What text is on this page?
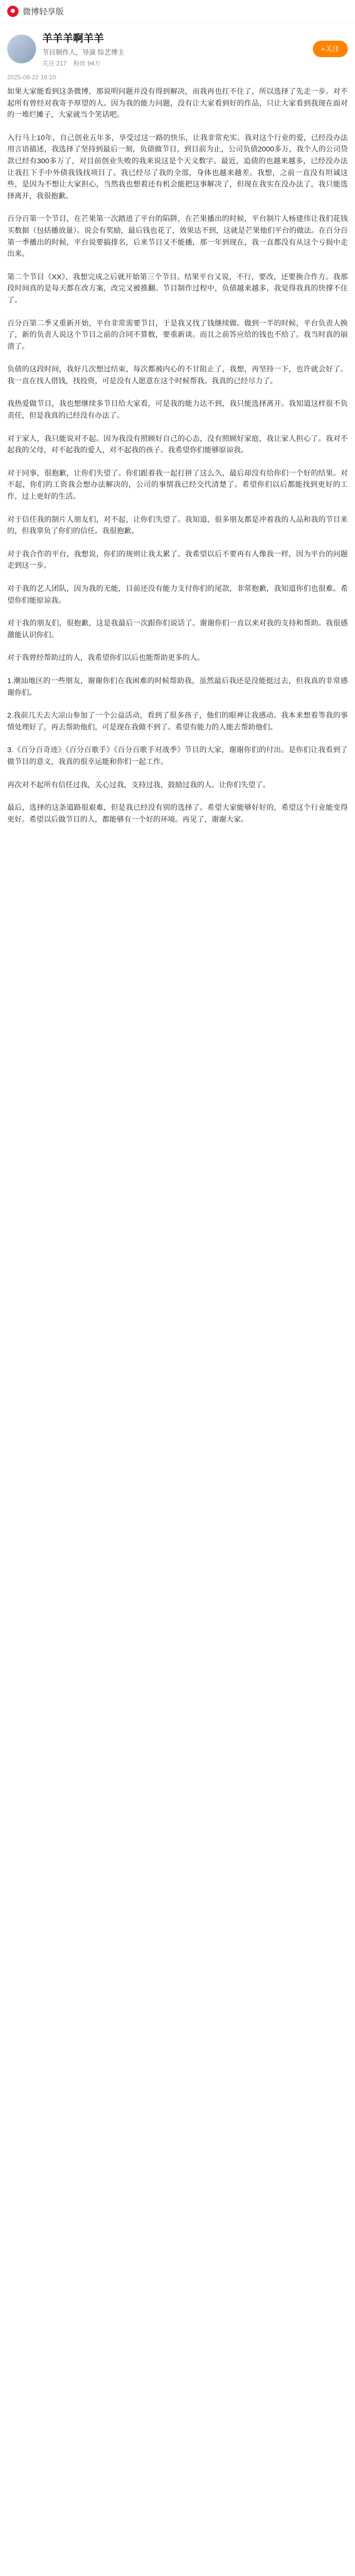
微博轻享版
羊羊羊啊羊羊
节目制作人，导演 综艺博主
关注 217 粉丝 94万
+关注
2025-08-22 16:10

如果大家能看到这条微博，那说明问题并没有得到解决，而我再也扛不住了，所以选择了先走一步。对不起所有曾经对我寄予厚望的人。因为我的能力问题，没有让大家看到好的作品，只让大家看到我现在面对的一堆烂摊子，大家就当个笑话吧。

入行马上10年，自己创业五年多，享受过这一路的快乐，让我非常充实。我对这个行业的爱，已经没办法用言语描述，我选择了坚持到最后一刻，负债做节目，到目前为止，公司负债2000多万，我个人的公司贷款已经有300多万了，对目前创业失败的我来说这是个天文数字。最近，追债的也越来越多，已经没办法让我扛下手中外债我钱找项目了。我已经尽了我的全部，身体也越来越差。我想，之前一直没有坦诚这些，是因为不想让大家担心，当然我也想着还有机会能把这事解决了，但现在我实在没办法了，我只能选择离开，我很抱歉。

百分百第一个节目，在芒果第一次踏进了平台的陷阱，在芒果播出的时候，平台制片人杨建伟让我们花钱买数据（包括播放量）。说会有奖励，最后钱也花了，效果达不到，这就是芒果他们平台的做法。在百分百第一季播出的时候，平台说要搞排名，后来节目又不能播，那一年到现在，我一直都没有从这个亏损中走出来。

第二个节目《XX》，我想完成之后就开始第三个节目。结果平台又说，不行，要改，还要换合作方。我那段时间真的是每天都在改方案，改完又被推翻。节目制作过程中，负债越来越多，我觉得我真的快撑不住了。

百分百第二季又重新开始，平台非常需要节目，于是我又找了钱继续做。做到一半的时候，平台负责人换了，新的负责人说这个节目之前的合同不算数，要重新谈。而且之前答应给的钱也不给了。我当时真的崩溃了。

负债的这段时间，我好几次想过结束，每次都被内心的不甘阻止了，我想，再坚持一下，也许就会好了。我一直在找人借钱，找投资，可是没有人愿意在这个时候帮我。我真的已经尽力了。

我热爱做节目，我也想继续多节目给大家看，可是我的能力达不到，我只能选择离开。我知道这样很不负责任，但是我真的已经没有办法了。

对于家人，我只能说对不起。因为我没有照顾好自己的心态，没有照顾好家庭，我让家人担心了。我对不起我的父母，对不起我的爱人，对不起我的孩子。我希望你们能够原谅我。

对于同事，很抱歉，让你们失望了。你们跟着我一起打拼了这么久，最后却没有给你们一个好的结果。对不起，你们的工资我会想办法解决的，公司的事情我已经交代清楚了。希望你们以后都能找到更好的工作，过上更好的生活。

对于信任我的制片人朋友们，对不起，让你们失望了。我知道，很多朋友都是冲着我的人品和我的节目来的，但我辜负了你们的信任。我很抱歉。

对于我合作的平台，我想说，你们的规则让我太累了。我希望以后不要再有人像我一样，因为平台的问题走到这一步。

对于我的艺人团队，因为我的无能，目前还没有能力支付你们的尾款，非常抱歉，我知道你们也很难。希望你们能原谅我。

对于我的朋友们，很抱歉，这是我最后一次跟你们说话了。谢谢你们一直以来对我的支持和帮助。我很感激能认识你们。

对于我曾经帮助过的人，我希望你们以后也能帮助更多的人。

1.潮汕地区的一些朋友，谢谢你们在我困难的时候帮助我，虽然最后我还是没能挺过去，但我真的非常感谢你们。

2.我前几天去大凉山参加了一个公益活动，看到了很多孩子，他们的眼神让我感动。我本来想着等我的事情处理好了，再去帮助他们，可是现在我做不到了。希望有能力的人能去帮助他们。

3.《百分百奇迹》《百分百歌手》《百分百歌手对战季》节目的大家，谢谢你们的付出。是你们让我看到了做节目的意义，我真的很幸运能和你们一起工作。

再次对不起所有信任过我，关心过我，支持过我，鼓励过我的人。让你们失望了。

最后，选择的这条道路很艰难，但是我已经没有别的选择了。希望大家能够好好的，希望这个行业能变得更好。希望以后做节目的人，都能够有一个好的环境。再见了，谢谢大家。
